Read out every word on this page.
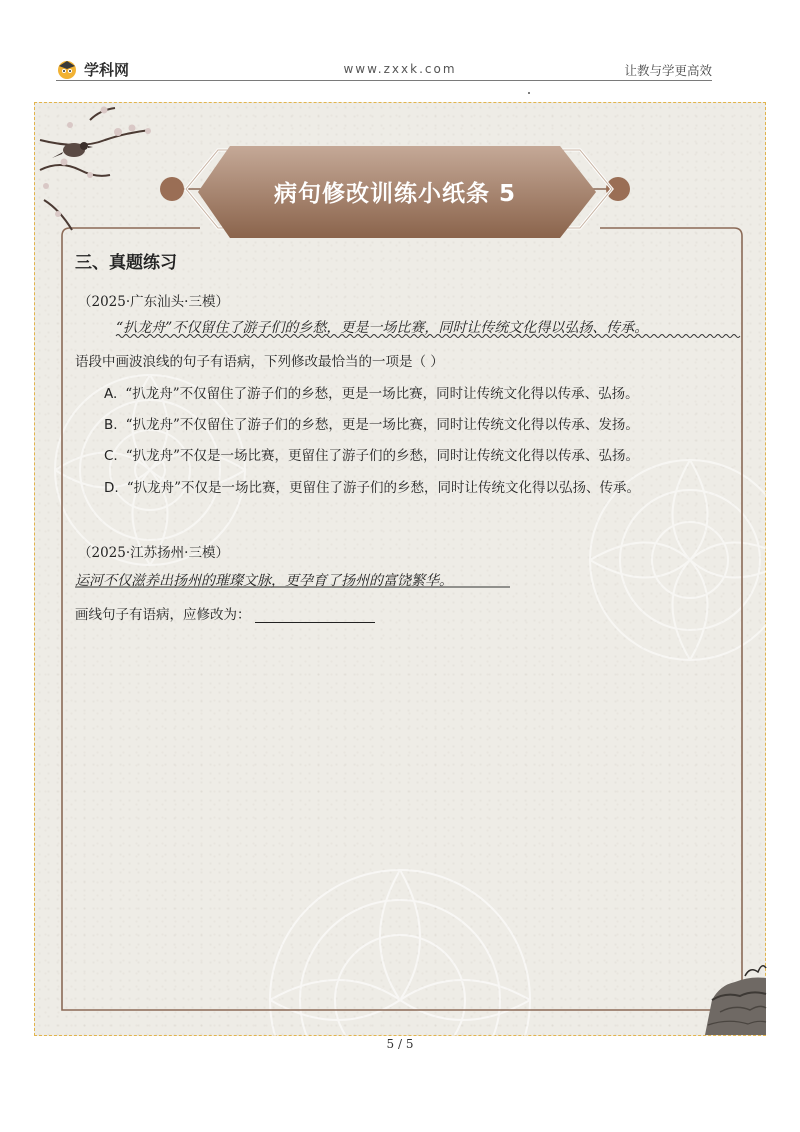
学科网	www.zxxk.com	让教与学更高效
病句修改训练小纸条 5
三、真题练习
（2025·广东汕头·三模）
“扒龙舟”不仅留住了游子们的乡愁，更是一场比赛，同时让传统文化得以弘扬、传承。
语段中画波浪线的句子有语病，下列修改最恰当的一项是（ ）
A. “扒龙舟”不仅留住了游子们的乡愁，更是一场比赛，同时让传统文化得以传承、弘扬。
B. “扒龙舟”不仅留住了游子们的乡愁，更是一场比赛，同时让传统文化得以传承、发扬。
C. “扒龙舟”不仅是一场比赛，更留住了游子们的乡愁，同时让传统文化得以传承、弘扬。
D. “扒龙舟”不仅是一场比赛，更留住了游子们的乡愁，同时让传统文化得以弘扬、传承。
（2025·江苏扬州·三模）
运河不仅滋养出扬州的璀璨文脉，更孕育了扬州的富饶繁华。
画线句子有语病，应修改为：
5 / 5
